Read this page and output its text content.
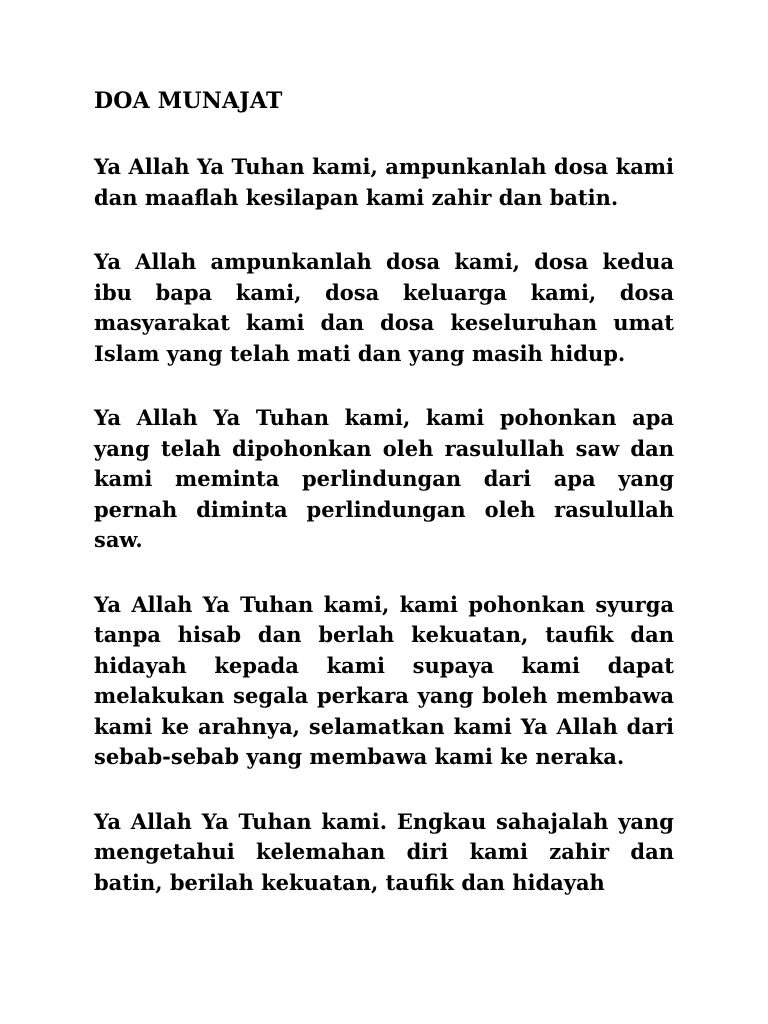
DOA MUNAJAT

Ya Allah Ya Tuhan kami, ampunkanlah dosa kami dan maaflah kesilapan kami zahir dan batin.

Ya Allah ampunkanlah dosa kami, dosa kedua ibu bapa kami, dosa keluarga kami, dosa masyarakat kami dan dosa keseluruhan umat Islam yang telah mati dan yang masih hidup.

Ya Allah Ya Tuhan kami, kami pohonkan apa yang telah dipohonkan oleh rasulullah saw dan kami meminta perlindungan dari apa yang pernah diminta perlindungan oleh rasulullah saw.

Ya Allah Ya Tuhan kami, kami pohonkan syurga tanpa hisab dan berlah kekuatan, taufik dan hidayah kepada kami supaya kami dapat melakukan segala perkara yang boleh membawa kami ke arahnya, selamatkan kami Ya Allah dari sebab-sebab yang membawa kami ke neraka.

Ya Allah Ya Tuhan kami. Engkau sahajalah yang mengetahui kelemahan diri kami zahir dan batin, berilah kekuatan, taufik dan hidayah
